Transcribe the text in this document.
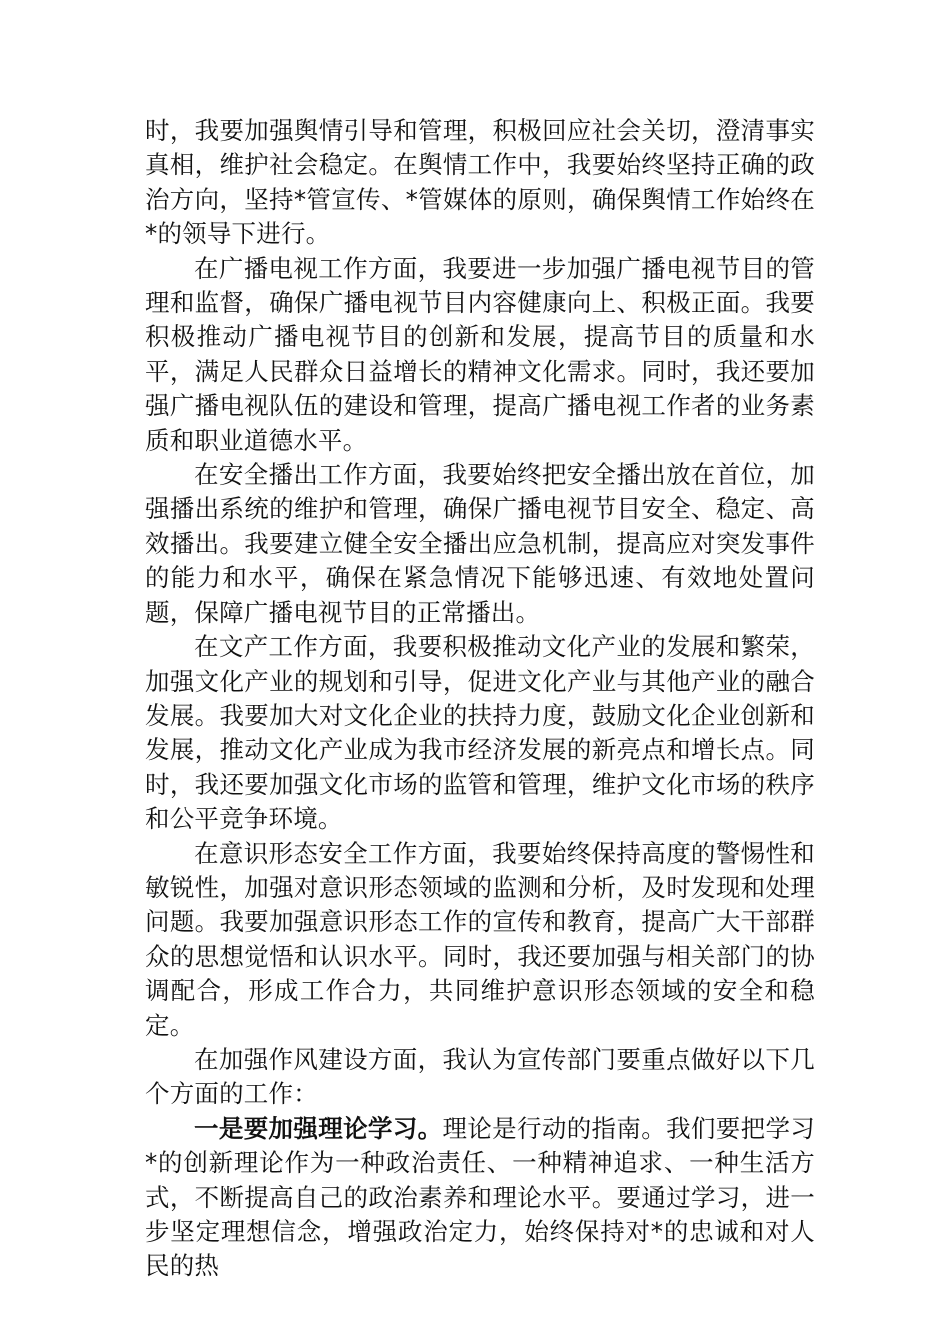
时，我要加强舆情引导和管理，积极回应社会关切，澄清事实真相，维护社会稳定。在舆情工作中，我要始终坚持正确的政治方向，坚持*管宣传、*管媒体的原则，确保舆情工作始终在*的领导下进行。

在广播电视工作方面，我要进一步加强广播电视节目的管理和监督，确保广播电视节目内容健康向上、积极正面。我要积极推动广播电视节目的创新和发展，提高节目的质量和水平，满足人民群众日益增长的精神文化需求。同时，我还要加强广播电视队伍的建设和管理，提高广播电视工作者的业务素质和职业道德水平。

在安全播出工作方面，我要始终把安全播出放在首位，加强播出系统的维护和管理，确保广播电视节目安全、稳定、高效播出。我要建立健全安全播出应急机制，提高应对突发事件的能力和水平，确保在紧急情况下能够迅速、有效地处置问题，保障广播电视节目的正常播出。

在文产工作方面，我要积极推动文化产业的发展和繁荣，加强文化产业的规划和引导，促进文化产业与其他产业的融合发展。我要加大对文化企业的扶持力度，鼓励文化企业创新和发展，推动文化产业成为我市经济发展的新亮点和增长点。同时，我还要加强文化市场的监管和管理，维护文化市场的秩序和公平竞争环境。

在意识形态安全工作方面，我要始终保持高度的警惕性和敏锐性，加强对意识形态领域的监测和分析，及时发现和处理问题。我要加强意识形态工作的宣传和教育，提高广大干部群众的思想觉悟和认识水平。同时，我还要加强与相关部门的协调配合，形成工作合力，共同维护意识形态领域的安全和稳定。

在加强作风建设方面，我认为宣传部门要重点做好以下几个方面的工作：

一是要加强理论学习。理论是行动的指南。我们要把学习*的创新理论作为一种政治责任、一种精神追求、一种生活方式，不断提高自己的政治素养和理论水平。要通过学习，进一步坚定理想信念，增强政治定力，始终保持对*的忠诚和对人民的热
